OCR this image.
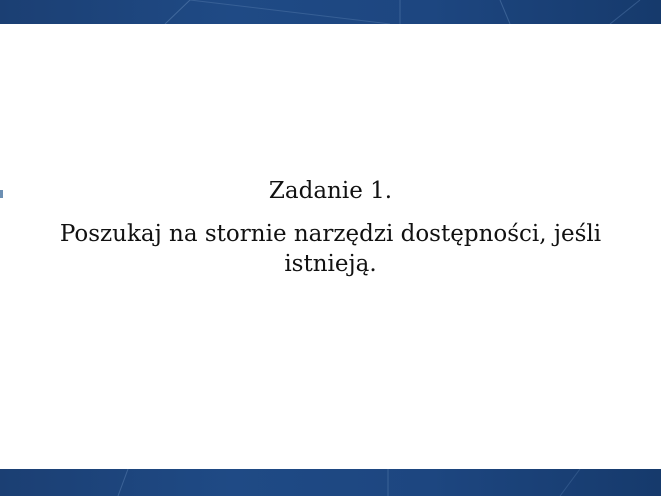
Zadanie 1.

Poszukaj na stornie narzędzi dostępności, jeśli istnieją.
